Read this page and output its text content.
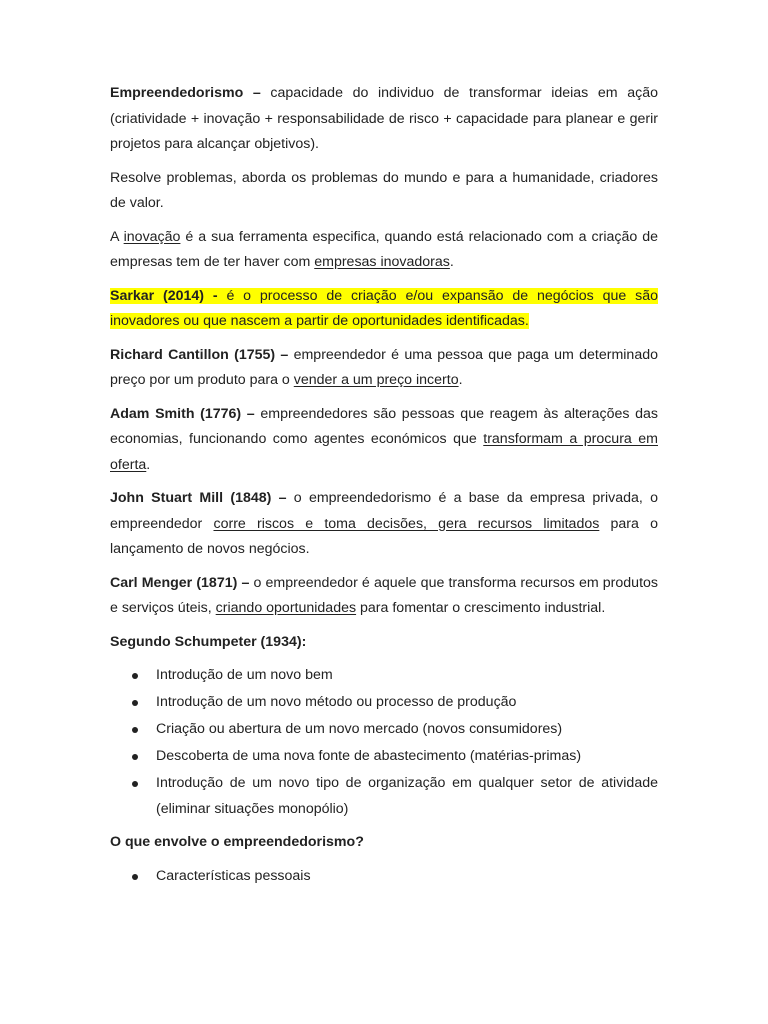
Empreendedorismo – capacidade do individuo de transformar ideias em ação (criatividade + inovação + responsabilidade de risco + capacidade para planear e gerir projetos para alcançar objetivos).

Resolve problemas, aborda os problemas do mundo e para a humanidade, criadores de valor.

A inovação é a sua ferramenta especifica, quando está relacionado com a criação de empresas tem de ter haver com empresas inovadoras.

Sarkar (2014) - é o processo de criação e/ou expansão de negócios que são inovadores ou que nascem a partir de oportunidades identificadas.

Richard Cantillon (1755) – empreendedor é uma pessoa que paga um determinado preço por um produto para o vender a um preço incerto.

Adam Smith (1776) – empreendedores são pessoas que reagem às alterações das economias, funcionando como agentes económicos que transformam a procura em oferta.

John Stuart Mill (1848) – o empreendedorismo é a base da empresa privada, o empreendedor corre riscos e toma decisões, gera recursos limitados para o lançamento de novos negócios.

Carl Menger (1871) – o empreendedor é aquele que transforma recursos em produtos e serviços úteis, criando oportunidades para fomentar o crescimento industrial.

Segundo Schumpeter (1934):

Introdução de um novo bem
Introdução de um novo método ou processo de produção
Criação ou abertura de um novo mercado (novos consumidores)
Descoberta de uma nova fonte de abastecimento (matérias-primas)
Introdução de um novo tipo de organização em qualquer setor de atividade (eliminar situações monopólio)

O que envolve o empreendedorismo?

Características pessoais
